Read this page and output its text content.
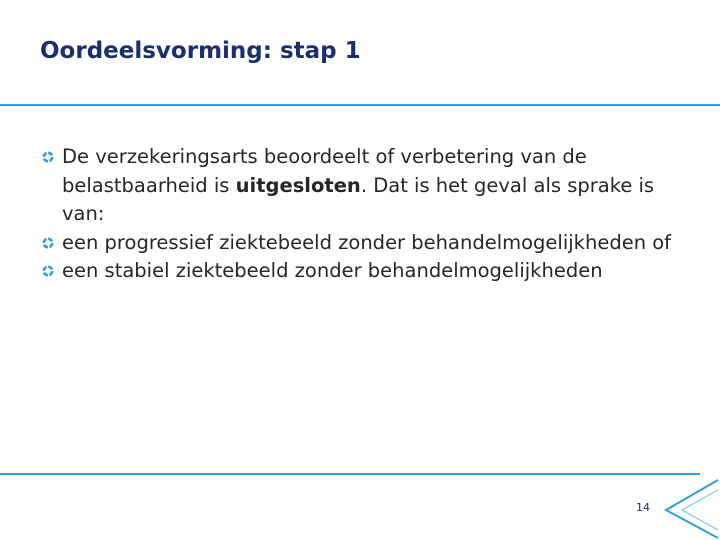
Oordeelsvorming: stap 1
De verzekeringsarts beoordeelt of verbetering van de belastbaarheid is uitgesloten. Dat is het geval als sprake is van:
een progressief ziektebeeld zonder behandelmogelijkheden of
een stabiel ziektebeeld zonder behandelmogelijkheden
14
